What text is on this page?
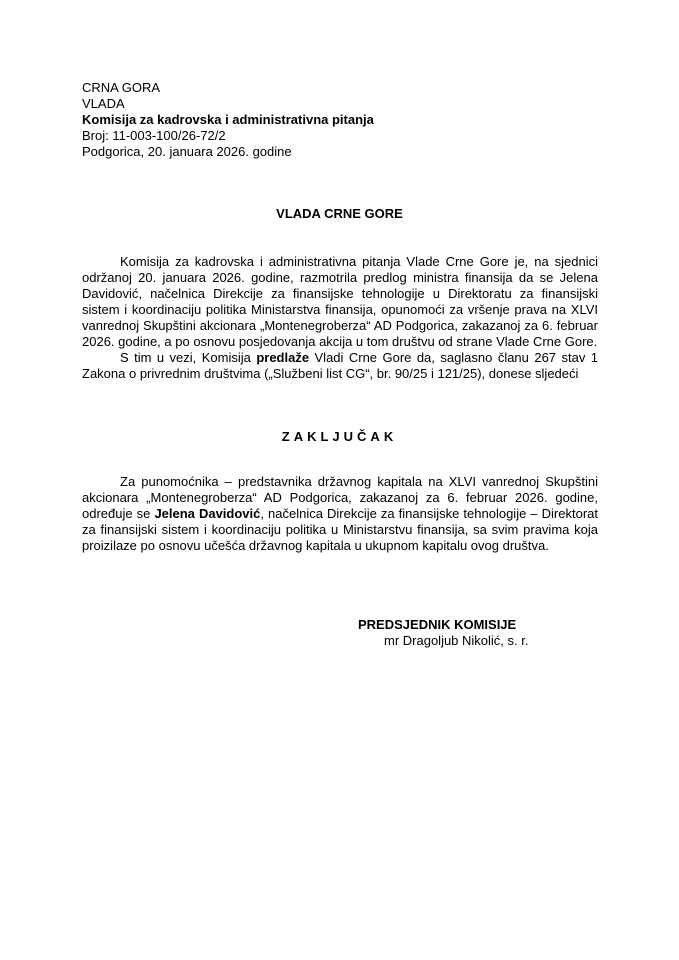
CRNA GORA
VLADA
Komisija za kadrovska i administrativna pitanja
Broj: 11-003-100/26-72/2
Podgorica, 20. januara 2026. godine
VLADA CRNE GORE

Komisija za kadrovska i administrativna pitanja Vlade Crne Gore je, na sjednici održanoj 20. januara 2026. godine, razmotrila predlog ministra finansija da se Jelena Davidović, načelnica Direkcije za finansijske tehnologije u Direktoratu za finansijski sistem i koordinaciju politika Ministarstva finansija, opunomoći za vršenje prava na XLVI vanrednoj Skupštini akcionara „Montenegroberza“ AD Podgorica, zakazanoj za 6. februar 2026. godine, a po osnovu posjedovanja akcija u tom društvu od strane Vlade Crne Gore.

S tim u vezi, Komisija predlaže Vladi Crne Gore da, saglasno članu 267 stav 1 Zakona o privrednim društvima („Službeni list CG“, br. 90/25 i 121/25), donese sljedeći

ZAKLJUČAK

Za punomoćnika – predstavnika državnog kapitala na XLVI vanrednoj Skupštini akcionara „Montenegroberza“ AD Podgorica, zakazanoj za 6. februar 2026. godine, određuje se Jelena Davidović, načelnica Direkcije za finansijske tehnologije – Direktorat za finansijski sistem i koordinaciju politika u Ministarstvu finansija, sa svim pravima koja proizilaze po osnovu učešća državnog kapitala u ukupnom kapitalu ovog društva.

PREDSJEDNIK KOMISIJE
mr Dragoljub Nikolić, s. r.
